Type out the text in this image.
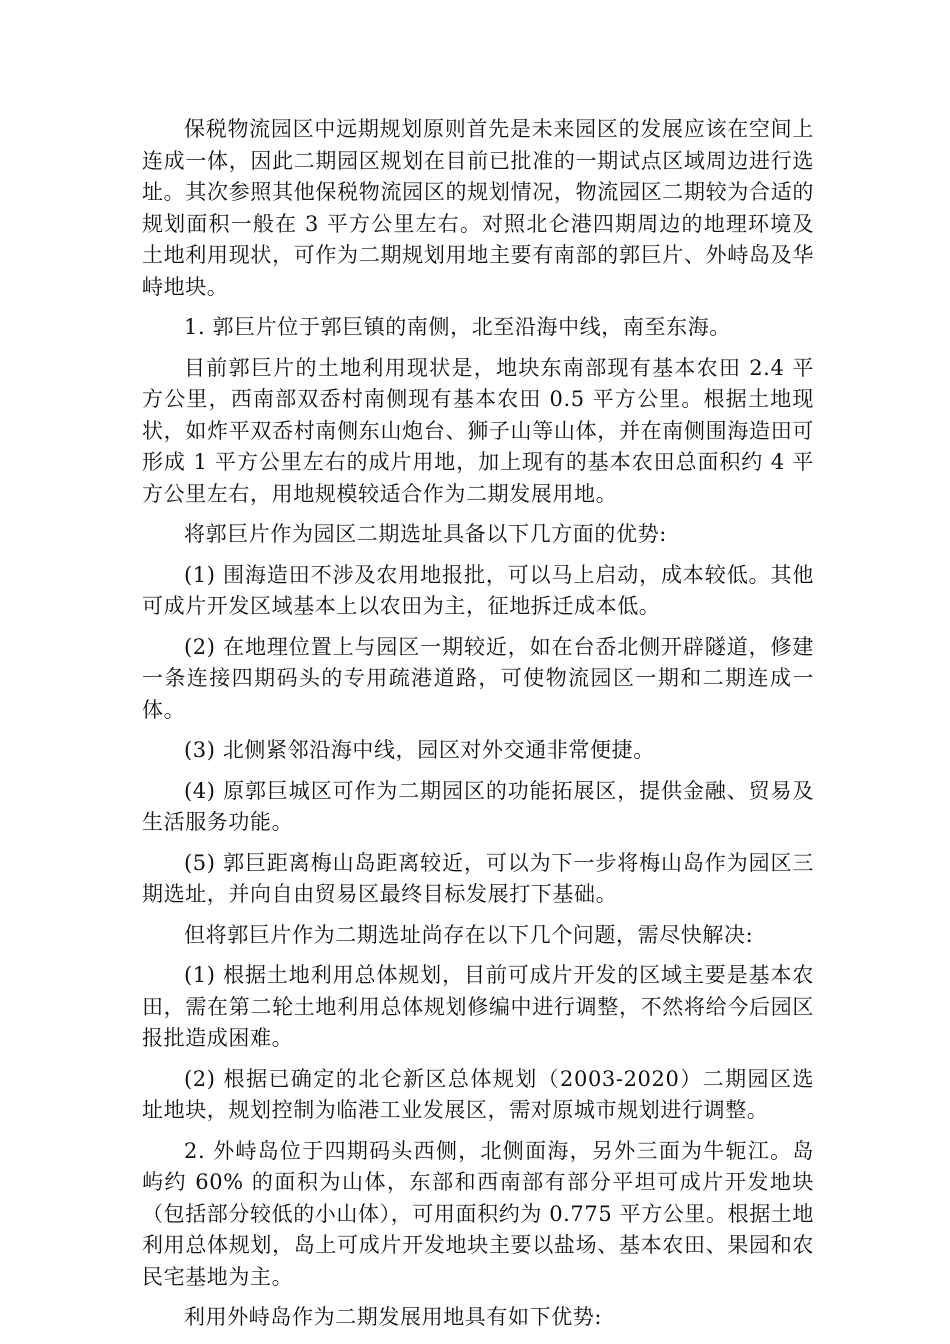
保税物流园区中远期规划原则首先是未来园区的发展应该在空间上连成一体，因此二期园区规划在目前已批准的一期试点区域周边进行选址。其次参照其他保税物流园区的规划情况，物流园区二期较为合适的规划面积一般在 3 平方公里左右。对照北仑港四期周边的地理环境及土地利用现状，可作为二期规划用地主要有南部的郭巨片、外峙岛及华峙地块。

1. 郭巨片位于郭巨镇的南侧，北至沿海中线，南至东海。

目前郭巨片的土地利用现状是，地块东南部现有基本农田 2.4 平方公里，西南部双岙村南侧现有基本农田 0.5 平方公里。根据土地现状，如炸平双岙村南侧东山炮台、狮子山等山体，并在南侧围海造田可形成 1 平方公里左右的成片用地，加上现有的基本农田总面积约 4 平方公里左右，用地规模较适合作为二期发展用地。

将郭巨片作为园区二期选址具备以下几方面的优势:

(1) 围海造田不涉及农用地报批，可以马上启动，成本较低。其他可成片开发区域基本上以农田为主，征地拆迁成本低。

(2) 在地理位置上与园区一期较近，如在台岙北侧开辟隧道，修建一条连接四期码头的专用疏港道路，可使物流园区一期和二期连成一体。

(3) 北侧紧邻沿海中线，园区对外交通非常便捷。

(4) 原郭巨城区可作为二期园区的功能拓展区，提供金融、贸易及生活服务功能。

(5) 郭巨距离梅山岛距离较近，可以为下一步将梅山岛作为园区三期选址，并向自由贸易区最终目标发展打下基础。

但将郭巨片作为二期选址尚存在以下几个问题，需尽快解决:

(1) 根据土地利用总体规划，目前可成片开发的区域主要是基本农田，需在第二轮土地利用总体规划修编中进行调整，不然将给今后园区报批造成困难。

(2) 根据已确定的北仑新区总体规划（2003-2020）二期园区选址地块，规划控制为临港工业发展区，需对原城市规划进行调整。

2. 外峙岛位于四期码头西侧，北侧面海，另外三面为牛轭江。岛屿约 60% 的面积为山体，东部和西南部有部分平坦可成片开发地块（包括部分较低的小山体），可用面积约为 0.775 平方公里。根据土地利用总体规划，岛上可成片开发地块主要以盐场、基本农田、果园和农民宅基地为主。

利用外峙岛作为二期发展用地具有如下优势:
